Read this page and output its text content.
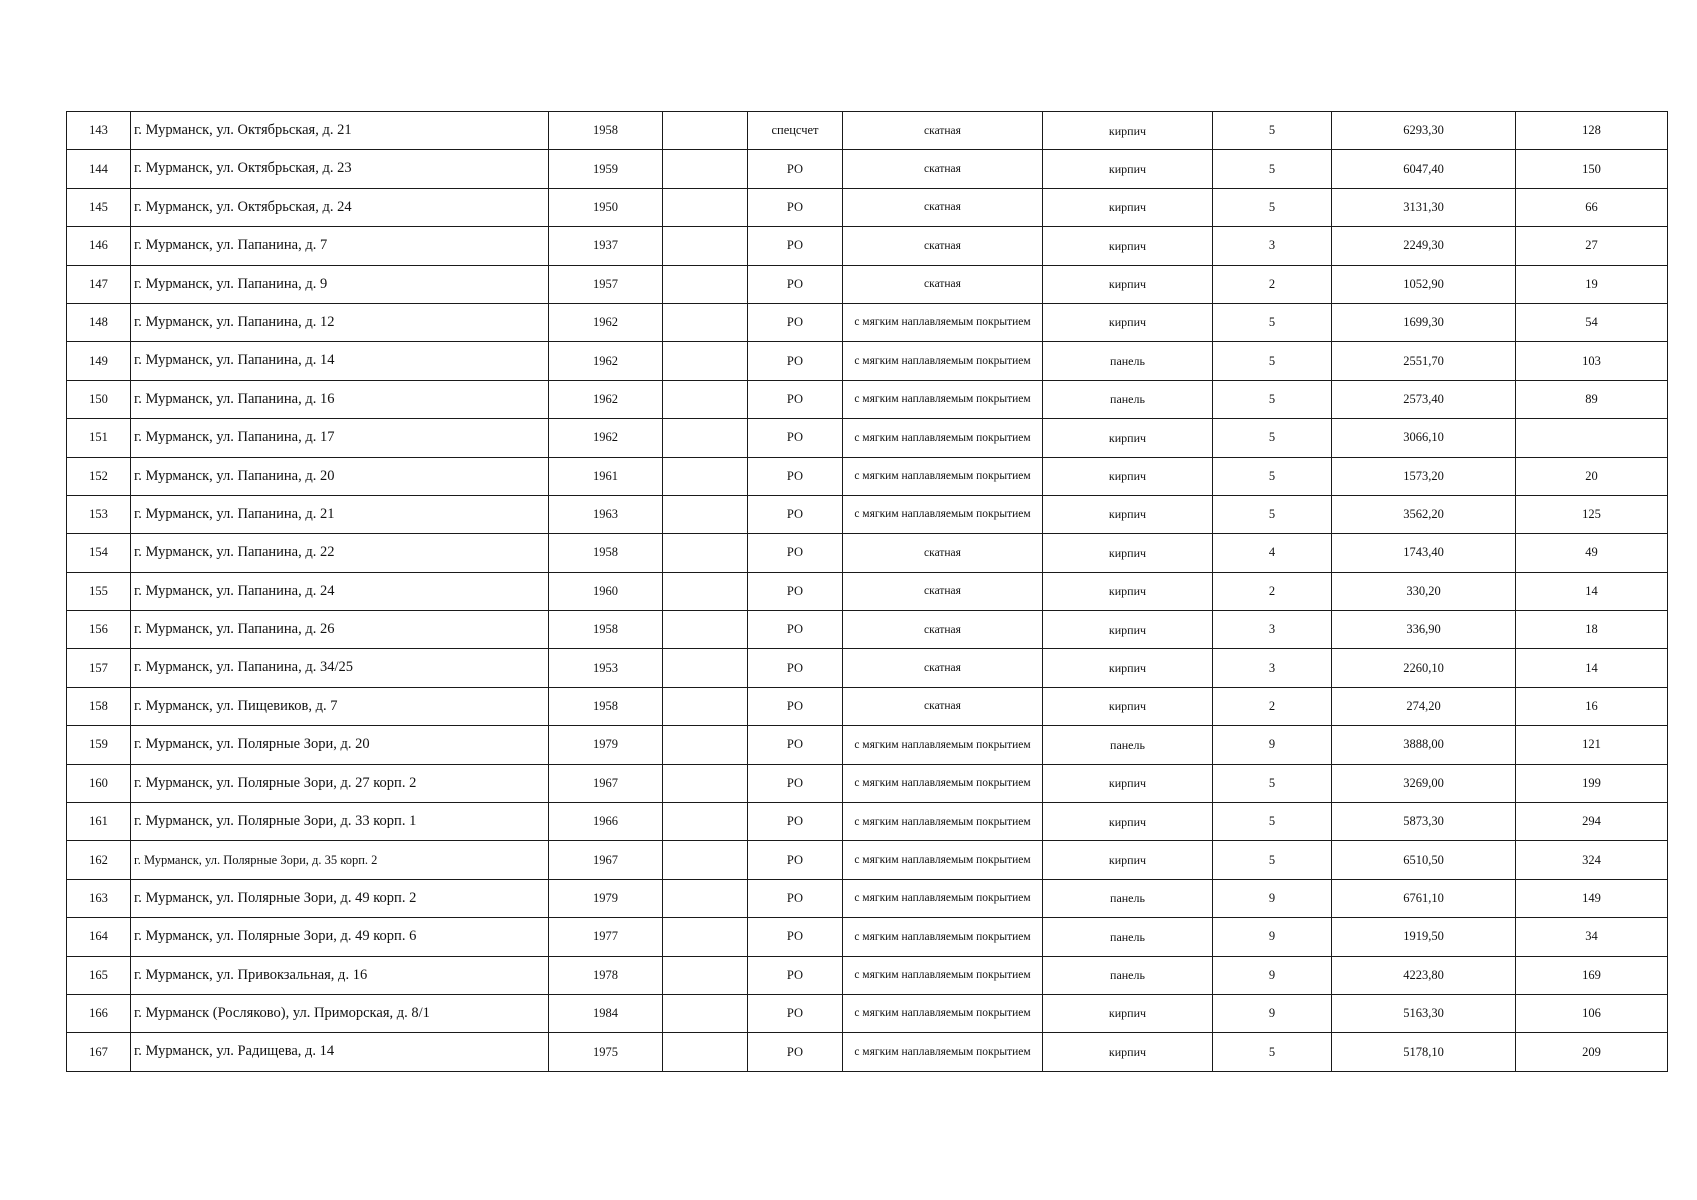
143	г. Мурманск, ул. Октябрьская, д. 21	1958		спецсчет	скатная	кирпич	5	6293,30	128
144	г. Мурманск, ул. Октябрьская, д. 23	1959		РО	скатная	кирпич	5	6047,40	150
145	г. Мурманск, ул. Октябрьская, д. 24	1950		РО	скатная	кирпич	5	3131,30	66
146	г. Мурманск, ул. Папанина, д. 7	1937		РО	скатная	кирпич	3	2249,30	27
147	г. Мурманск, ул. Папанина, д. 9	1957		РО	скатная	кирпич	2	1052,90	19
148	г. Мурманск, ул. Папанина, д. 12	1962		РО	с мягким наплавляемым покрытием	кирпич	5	1699,30	54
149	г. Мурманск, ул. Папанина, д. 14	1962		РО	с мягким наплавляемым покрытием	панель	5	2551,70	103
150	г. Мурманск, ул. Папанина, д. 16	1962		РО	с мягким наплавляемым покрытием	панель	5	2573,40	89
151	г. Мурманск, ул. Папанина, д. 17	1962		РО	с мягким наплавляемым покрытием	кирпич	5	3066,10	
152	г. Мурманск, ул. Папанина, д. 20	1961		РО	с мягким наплавляемым покрытием	кирпич	5	1573,20	20
153	г. Мурманск, ул. Папанина, д. 21	1963		РО	с мягким наплавляемым покрытием	кирпич	5	3562,20	125
154	г. Мурманск, ул. Папанина, д. 22	1958		РО	скатная	кирпич	4	1743,40	49
155	г. Мурманск, ул. Папанина, д. 24	1960		РО	скатная	кирпич	2	330,20	14
156	г. Мурманск, ул. Папанина, д. 26	1958		РО	скатная	кирпич	3	336,90	18
157	г. Мурманск, ул. Папанина, д. 34/25	1953		РО	скатная	кирпич	3	2260,10	14
158	г. Мурманск, ул. Пищевиков, д. 7	1958		РО	скатная	кирпич	2	274,20	16
159	г. Мурманск, ул. Полярные Зори, д. 20	1979		РО	с мягким наплавляемым покрытием	панель	9	3888,00	121
160	г. Мурманск, ул. Полярные Зори, д. 27 корп. 2	1967		РО	с мягким наплавляемым покрытием	кирпич	5	3269,00	199
161	г. Мурманск, ул. Полярные Зори, д. 33 корп. 1	1966		РО	с мягким наплавляемым покрытием	кирпич	5	5873,30	294
162	г. Мурманск, ул. Полярные Зори, д. 35 корп. 2	1967		РО	с мягким наплавляемым покрытием	кирпич	5	6510,50	324
163	г. Мурманск, ул. Полярные Зори, д. 49 корп. 2	1979		РО	с мягким наплавляемым покрытием	панель	9	6761,10	149
164	г. Мурманск, ул. Полярные Зори, д. 49 корп. 6	1977		РО	с мягким наплавляемым покрытием	панель	9	1919,50	34
165	г. Мурманск, ул. Привокзальная, д. 16	1978		РО	с мягким наплавляемым покрытием	панель	9	4223,80	169
166	г. Мурманск (Росляково), ул. Приморская, д. 8/1	1984		РО	с мягким наплавляемым покрытием	кирпич	9	5163,30	106
167	г. Мурманск, ул. Радищева, д. 14	1975		РО	с мягким наплавляемым покрытием	кирпич	5	5178,10	209
